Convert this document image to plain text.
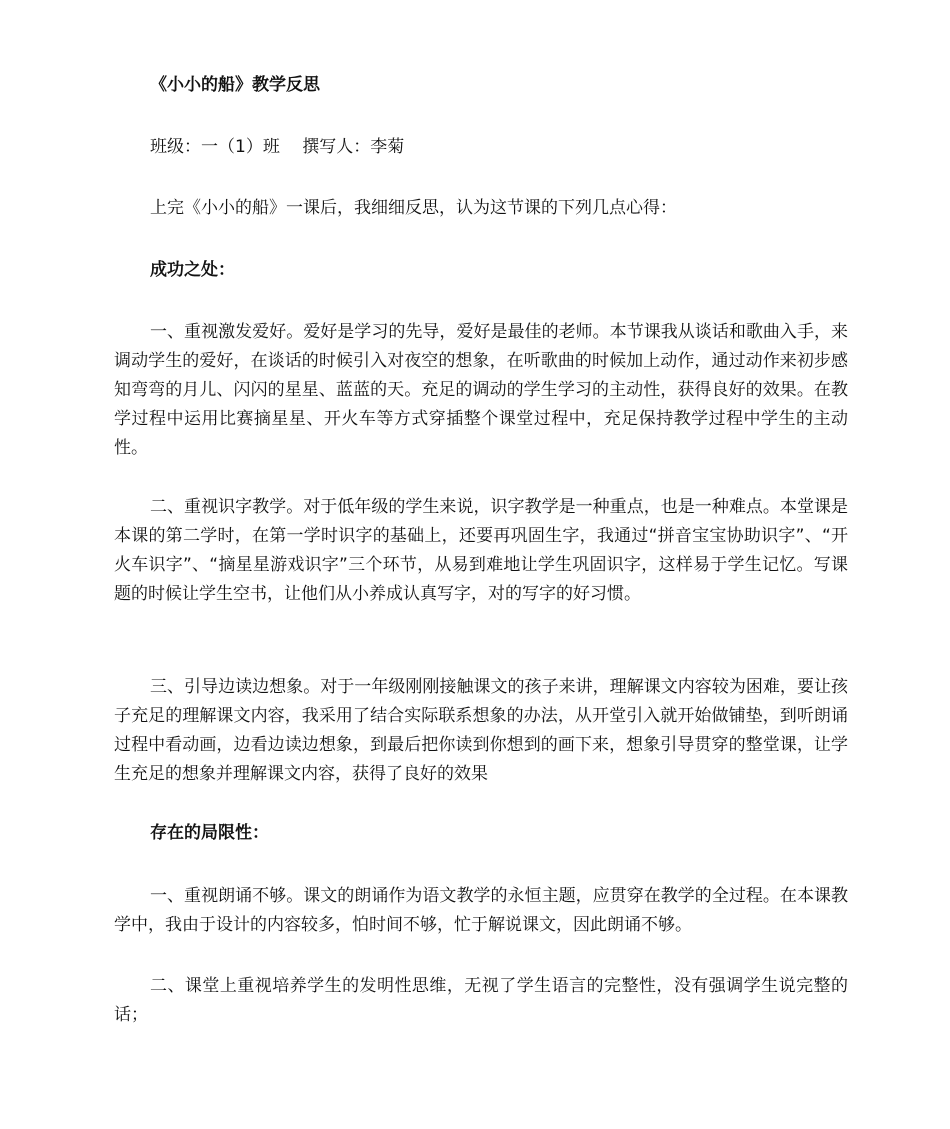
《小小的船》教学反思
班级：一（1）班　 撰写人：李菊
上完《小小的船》一课后，我细细反思，认为这节课的下列几点心得：
成功之处：
一、重视激发爱好。爱好是学习的先导，爱好是最佳的老师。本节课我从谈话和歌曲入手，来调动学生的爱好，在谈话的时候引入对夜空的想象，在听歌曲的时候加上动作，通过动作来初步感知弯弯的月儿、闪闪的星星、蓝蓝的天。充足的调动的学生学习的主动性，获得良好的效果。在教学过程中运用比赛摘星星、开火车等方式穿插整个课堂过程中，充足保持教学过程中学生的主动性。
二、重视识字教学。对于低年级的学生来说，识字教学是一种重点，也是一种难点。本堂课是本课的第二学时，在第一学时识字的基础上，还要再巩固生字，我通过“拼音宝宝协助识字”、“开火车识字”、“摘星星游戏识字”三个环节，从易到难地让学生巩固识字，这样易于学生记忆。写课题的时候让学生空书，让他们从小养成认真写字，对的写字的好习惯。
三、引导边读边想象。对于一年级刚刚接触课文的孩子来讲，理解课文内容较为困难，要让孩子充足的理解课文内容，我采用了结合实际联系想象的办法，从开堂引入就开始做铺垫，到听朗诵过程中看动画，边看边读边想象，到最后把你读到你想到的画下来，想象引导贯穿的整堂课，让学生充足的想象并理解课文内容，获得了良好的效果
存在的局限性：
一、重视朗诵不够。课文的朗诵作为语文教学的永恒主题，应贯穿在教学的全过程。在本课教学中，我由于设计的内容较多，怕时间不够，忙于解说课文，因此朗诵不够。
二、课堂上重视培养学生的发明性思维，无视了学生语言的完整性，没有强调学生说完整的话；
